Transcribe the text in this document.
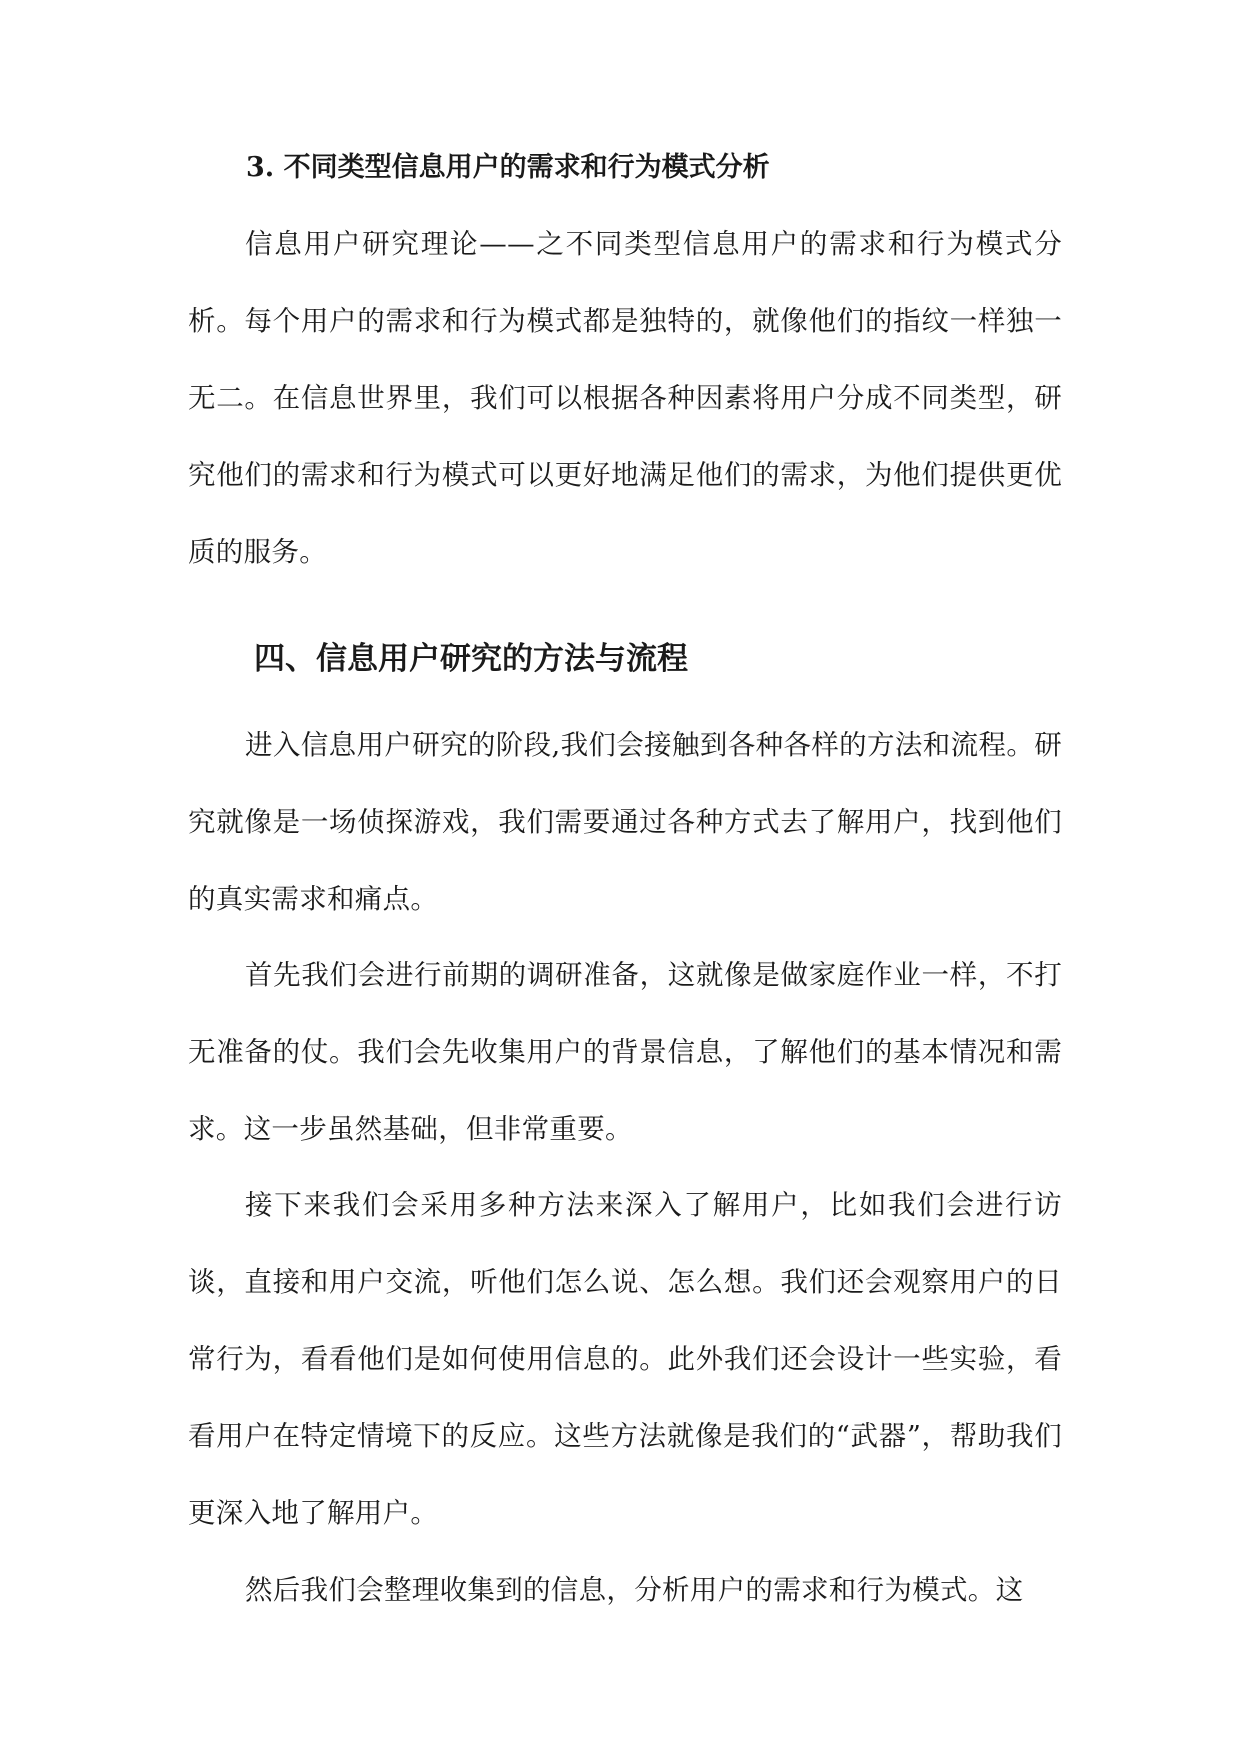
3. 不同类型信息用户的需求和行为模式分析

信息用户研究理论——之不同类型信息用户的需求和行为模式分析。每个用户的需求和行为模式都是独特的，就像他们的指纹一样独一无二。在信息世界里，我们可以根据各种因素将用户分成不同类型，研究他们的需求和行为模式可以更好地满足他们的需求，为他们提供更优质的服务。

四、信息用户研究的方法与流程

进入信息用户研究的阶段,我们会接触到各种各样的方法和流程。研究就像是一场侦探游戏，我们需要通过各种方式去了解用户，找到他们的真实需求和痛点。

首先我们会进行前期的调研准备，这就像是做家庭作业一样，不打无准备的仗。我们会先收集用户的背景信息，了解他们的基本情况和需求。这一步虽然基础，但非常重要。

接下来我们会采用多种方法来深入了解用户，比如我们会进行访谈，直接和用户交流，听他们怎么说、怎么想。我们还会观察用户的日常行为，看看他们是如何使用信息的。此外我们还会设计一些实验，看看用户在特定情境下的反应。这些方法就像是我们的“武器”，帮助我们更深入地了解用户。

然后我们会整理收集到的信息，分析用户的需求和行为模式。这
